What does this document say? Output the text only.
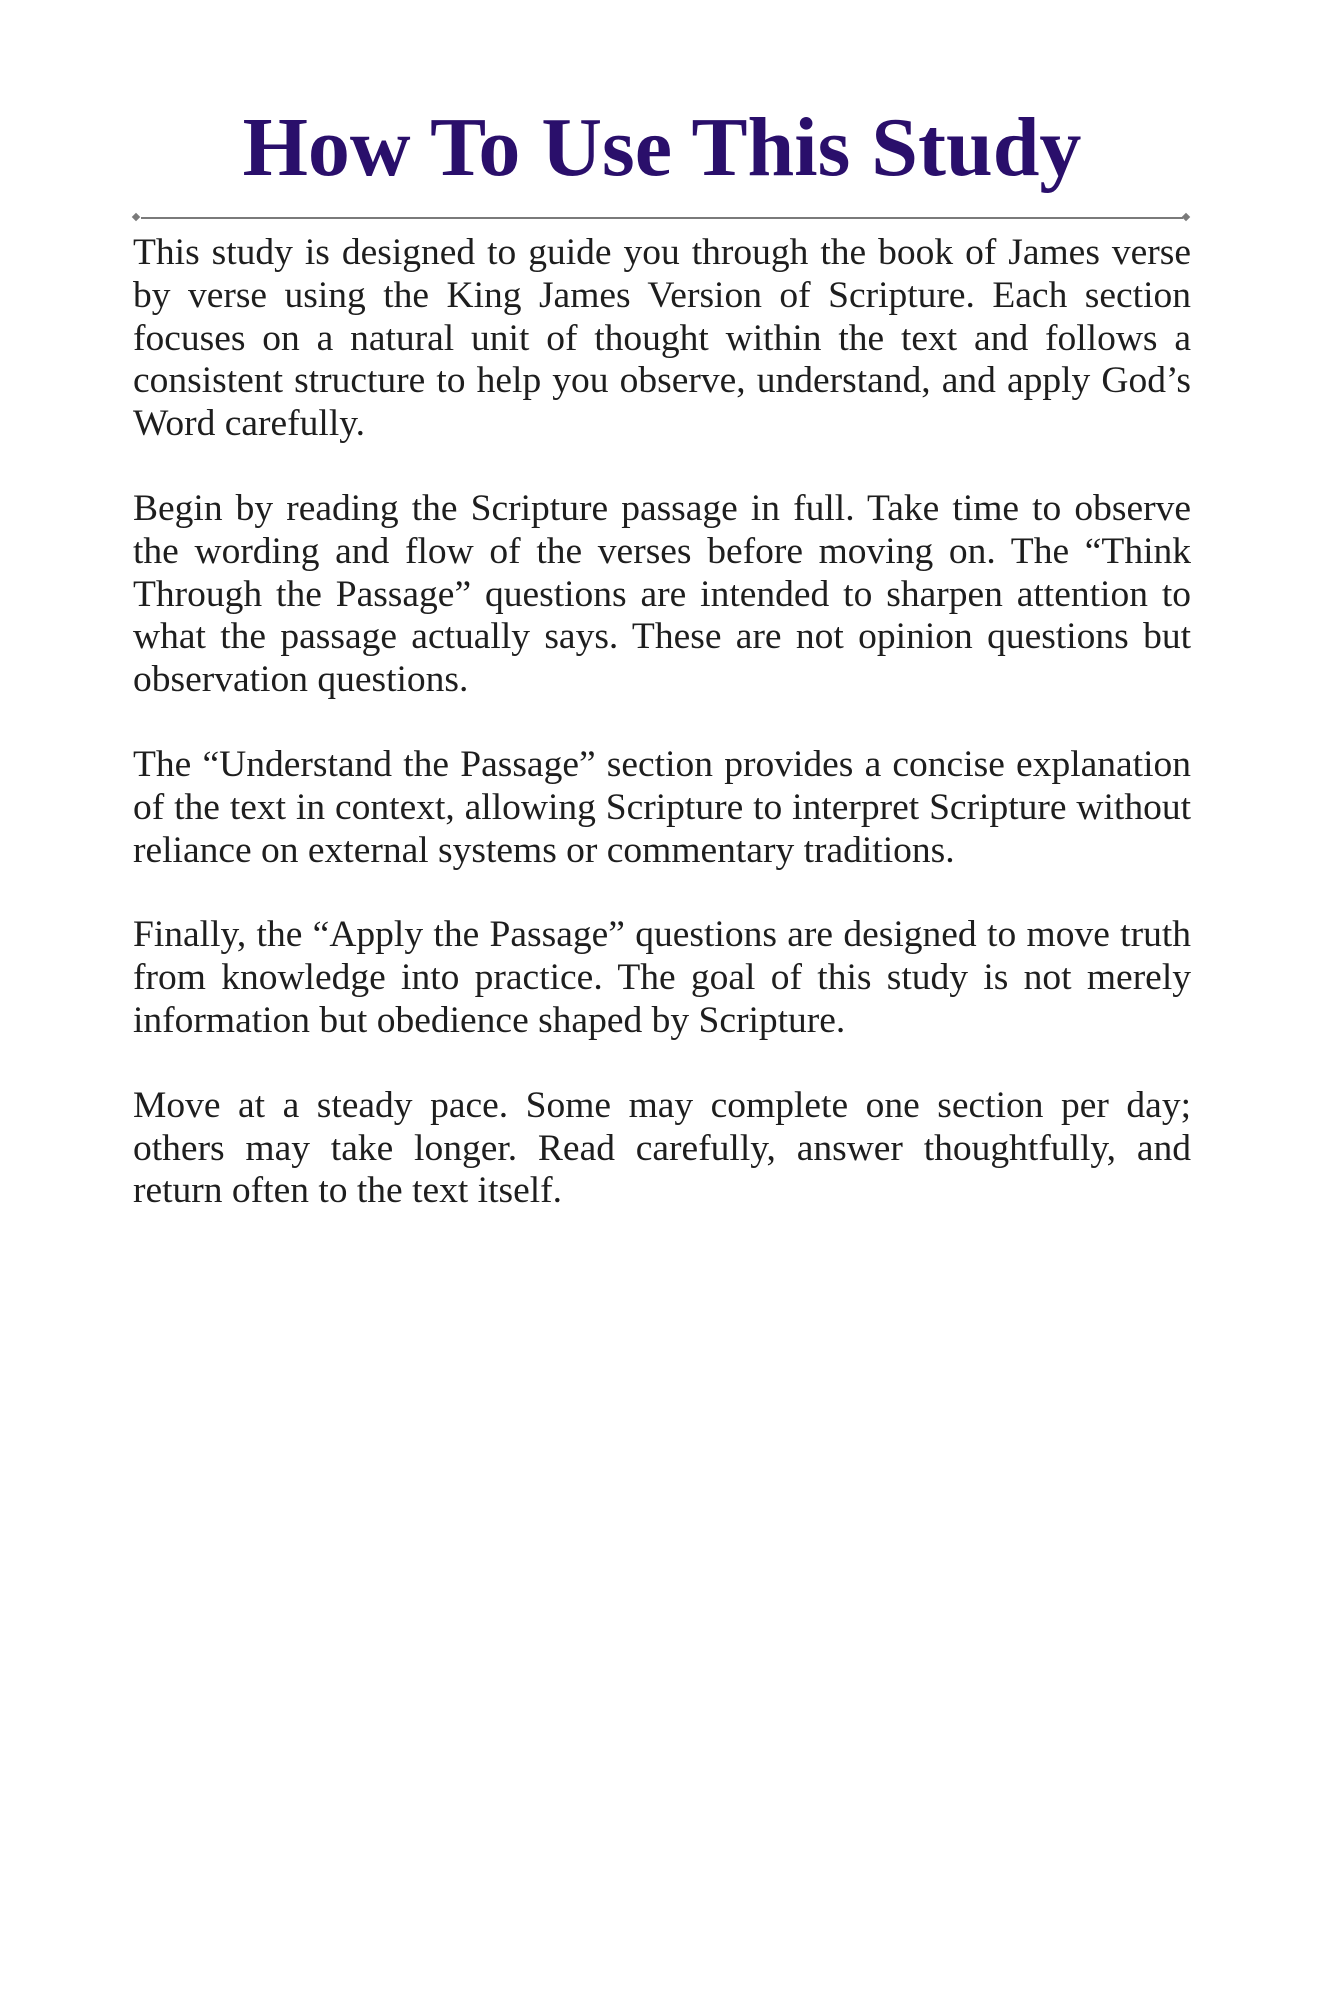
How To Use This Study

This study is designed to guide you through the book of James verse by verse using the King James Version of Scripture. Each section focuses on a natural unit of thought within the text and follows a consistent structure to help you observe, understand, and apply God’s Word carefully.

Begin by reading the Scripture passage in full. Take time to observe the wording and flow of the verses before moving on. The “Think Through the Passage” questions are intended to sharpen attention to what the passage actually says. These are not opinion questions but observation questions.

The “Understand the Passage” section provides a concise explanation of the text in context, allowing Scripture to interpret Scripture without reliance on external systems or commentary traditions.

Finally, the “Apply the Passage” questions are designed to move truth from knowledge into practice. The goal of this study is not merely information but obedience shaped by Scripture.

Move at a steady pace. Some may complete one section per day; others may take longer. Read carefully, answer thoughtfully, and return often to the text itself.
